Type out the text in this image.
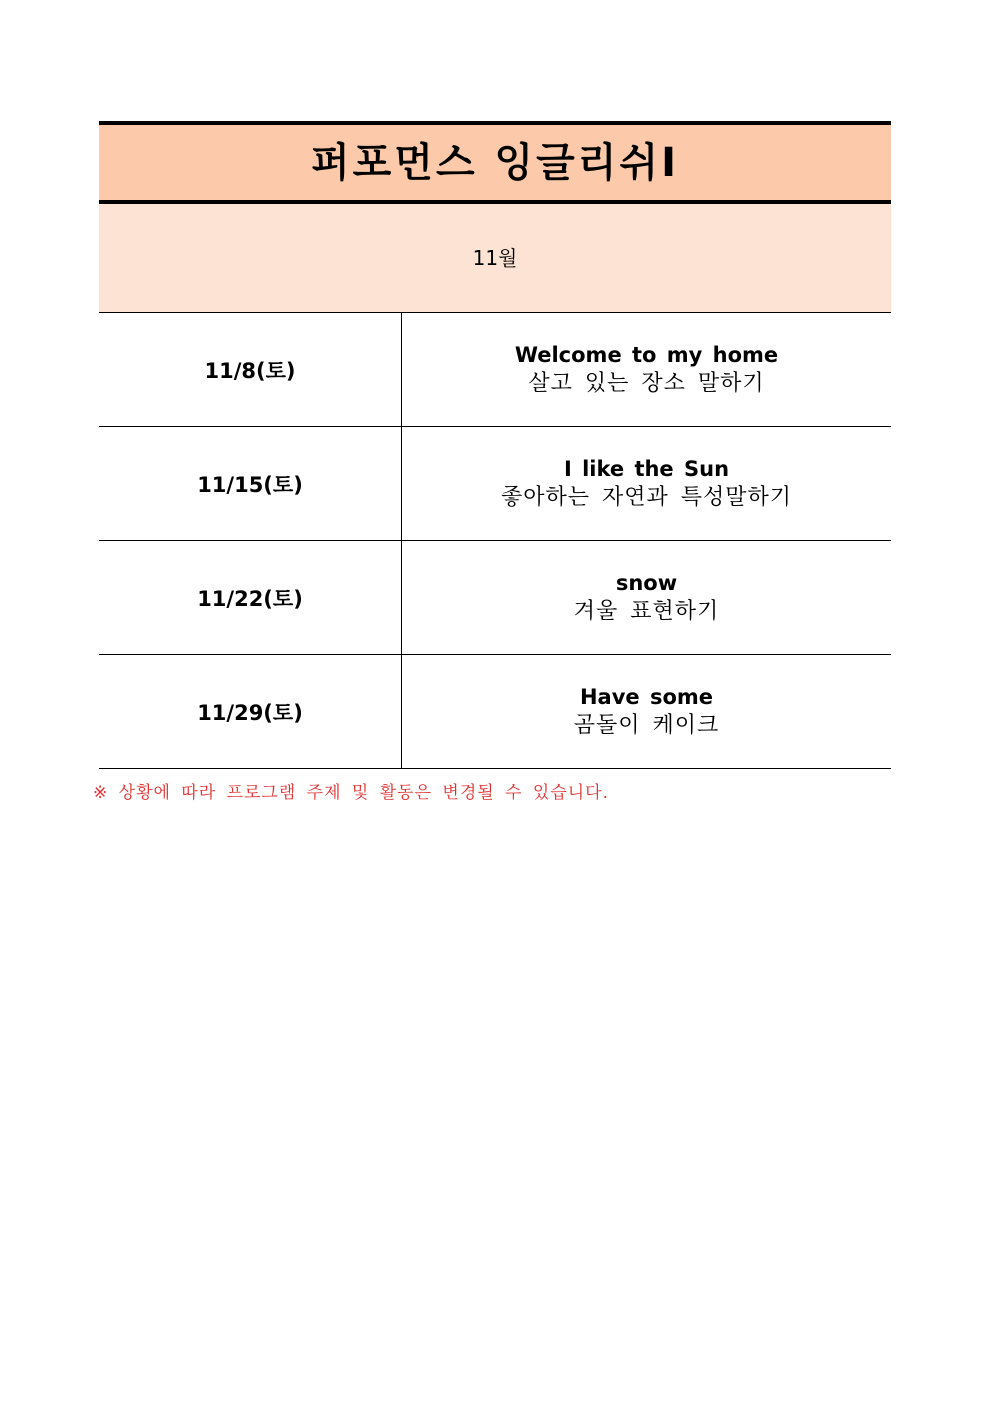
퍼포먼스 잉글리쉬Ⅰ
11월
11/8(토)
Welcome to my home
살고 있는 장소 말하기
11/15(토)
I like the Sun
좋아하는 자연과 특성말하기
11/22(토)
snow
겨울 표현하기
11/29(토)
Have some
곰돌이 케이크
※ 상황에 따라 프로그램 주제 및 활동은 변경될 수 있습니다.
